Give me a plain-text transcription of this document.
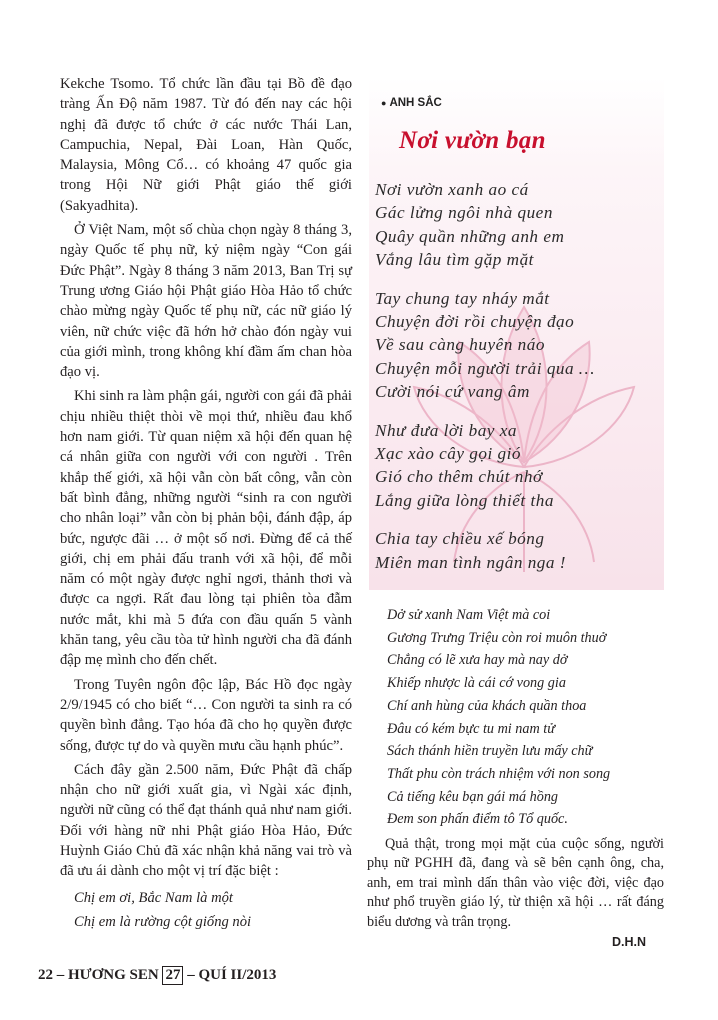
Kekche Tsomo. Tổ chức lần đầu tại Bồ đề đạo tràng Ấn Độ năm 1987. Từ đó đến nay các hội nghị đã được tổ chức ở các nước Thái Lan, Campuchia, Nepal, Đài Loan, Hàn Quốc, Malaysia, Mông Cổ… có khoảng 47 quốc gia trong Hội Nữ giới Phật giáo thế giới (Sakyadhita).

Ở Việt Nam, một số chùa chọn ngày 8 tháng 3, ngày Quốc tế phụ nữ, kỷ niệm ngày “Con gái Đức Phật”. Ngày 8 tháng 3 năm 2013, Ban Trị sự Trung ương Giáo hội Phật giáo Hòa Hảo tổ chức chào mừng ngày Quốc tế phụ nữ, các nữ giáo lý viên, nữ chức việc đã hớn hở chào đón ngày vui của giới mình, trong không khí đầm ấm chan hòa đạo vị.

Khi sinh ra làm phận gái, người con gái đã phải chịu nhiều thiệt thòi về mọi thứ, nhiều đau khổ hơn nam giới. Từ quan niệm xã hội đến quan hệ cá nhân giữa con người với con người . Trên khắp thế giới, xã hội vẫn còn bất công, vẫn còn bất bình đẳng, những người “sinh ra con người cho nhân loại” vẫn còn bị phản bội, đánh đập, áp bức, ngược đãi … ở một số nơi. Đừng để cả thế giới, chị em phải đấu tranh với xã hội, để mỗi năm có một ngày được nghỉ ngơi, thảnh thơi và được ca ngợi. Rất đau lòng tại phiên tòa đẫm nước mắt, khi mà 5 đứa con đầu quấn 5 vành khăn tang, yêu cầu tòa tử hình người cha đã đánh đập mẹ mình cho đến chết.

Trong Tuyên ngôn độc lập, Bác Hồ đọc ngày 2/9/1945 có cho biết “… Con người ta sinh ra có quyền bình đẳng. Tạo hóa đã cho họ quyền được sống, được tự do và quyền mưu cầu hạnh phúc”.

Cách đây gần 2.500 năm, Đức Phật đã chấp nhận cho nữ giới xuất gia, vì Ngài xác định, người nữ cũng có thể đạt thánh quả như nam giới. Đối với hàng nữ nhi Phật giáo Hòa Hảo, Đức Huỳnh Giáo Chủ đã xác nhận khả năng vai trò và đã ưu ái dành cho một vị trí đặc biệt :

Chị em ơi, Bắc Nam là một

Chị em là rường cột giống nòi

● ANH SẮC
Nơi vườn bạn
Nơi vườn xanh ao cá
Gác lửng ngôi nhà quen
Quây quần những anh em
Vắng lâu tìm gặp mặt
Tay chung tay nháy mắt
Chuyện đời rồi chuyện đạo
Về sau càng huyên náo
Chuyện mỗi người trải qua …
Cười nói cứ vang âm
Như đưa lời bay xa
Xạc xào cây gọi gió
Gió cho thêm chút nhớ
Lắng giữa lòng thiết tha
Chia tay chiều xế bóng
Miên man tình ngân nga !
Dở sử xanh Nam Việt mà coi
Gương Trưng Triệu còn roi muôn thuở
Chẳng có lẽ xưa hay mà nay dở
Khiếp nhược là cái cớ vong gia
Chí anh hùng của khách quần thoa
Đâu có kém bực tu mi nam tử
Sách thánh hiền truyền lưu mấy chữ
Thất phu còn trách nhiệm với non song
Cả tiếng kêu bạn gái má hồng
Đem son phấn điểm tô Tổ quốc.

Quả thật, trong mọi mặt của cuộc sống, người phụ nữ PGHH đã, đang và sẽ bên cạnh ông, cha, anh, em trai mình dấn thân vào việc đời, việc đạo như phổ truyền giáo lý, từ thiện xã hội … rất đáng biểu dương và trân trọng.

D.H.N
22 – HƯƠNG SEN 27 – QUÍ II/2013
